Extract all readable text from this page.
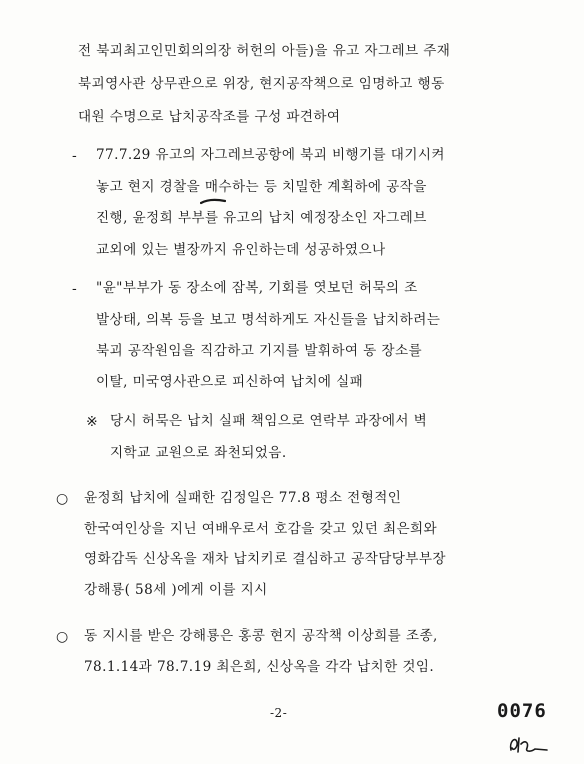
전 북괴최고인민회의의장 허헌의 아들)을 유고 자그레브 주재
북괴영사관 상무관으로 위장, 현지공작책으로 임명하고 행동
대원 수명으로 납치공작조를 구성 파견하여
- 77.7.29 유고의 자그레브공항에 북괴 비행기를 대기시켜
놓고 현지 경찰을 매수하는 등 치밀한 계획하에 공작을
진행, 윤정희 부부를 유고의 납치 예정장소인 자그레브
교외에 있는 별장까지 유인하는데 성공하였으나
- "윤"부부가 동 장소에 잠복, 기회를 엿보던 허묵의 조
발상태, 의복 등을 보고 명석하게도 자신들을 납치하려는
북괴 공작원임을 직감하고 기지를 발휘하여 동 장소를
이탈, 미국영사관으로 피신하여 납치에 실패
※ 당시 허묵은 납치 실패 책임으로 연락부 과장에서 벽
지학교 교원으로 좌천되었음.
○ 윤정희 납치에 실패한 김정일은 77.8 평소 전형적인
한국여인상을 지닌 여배우로서 호감을 갖고 있던 최은희와
영화감독 신상옥을 재차 납치키로 결심하고 공작담당부부장
강해룡( 58세 )에게 이를 지시
○ 동 지시를 받은 강해룡은 홍콩 현지 공작책 이상희를 조종,
78.1.14과 78.7.19 최은희, 신상옥을 각각 납치한 것임.
-2-	0076
